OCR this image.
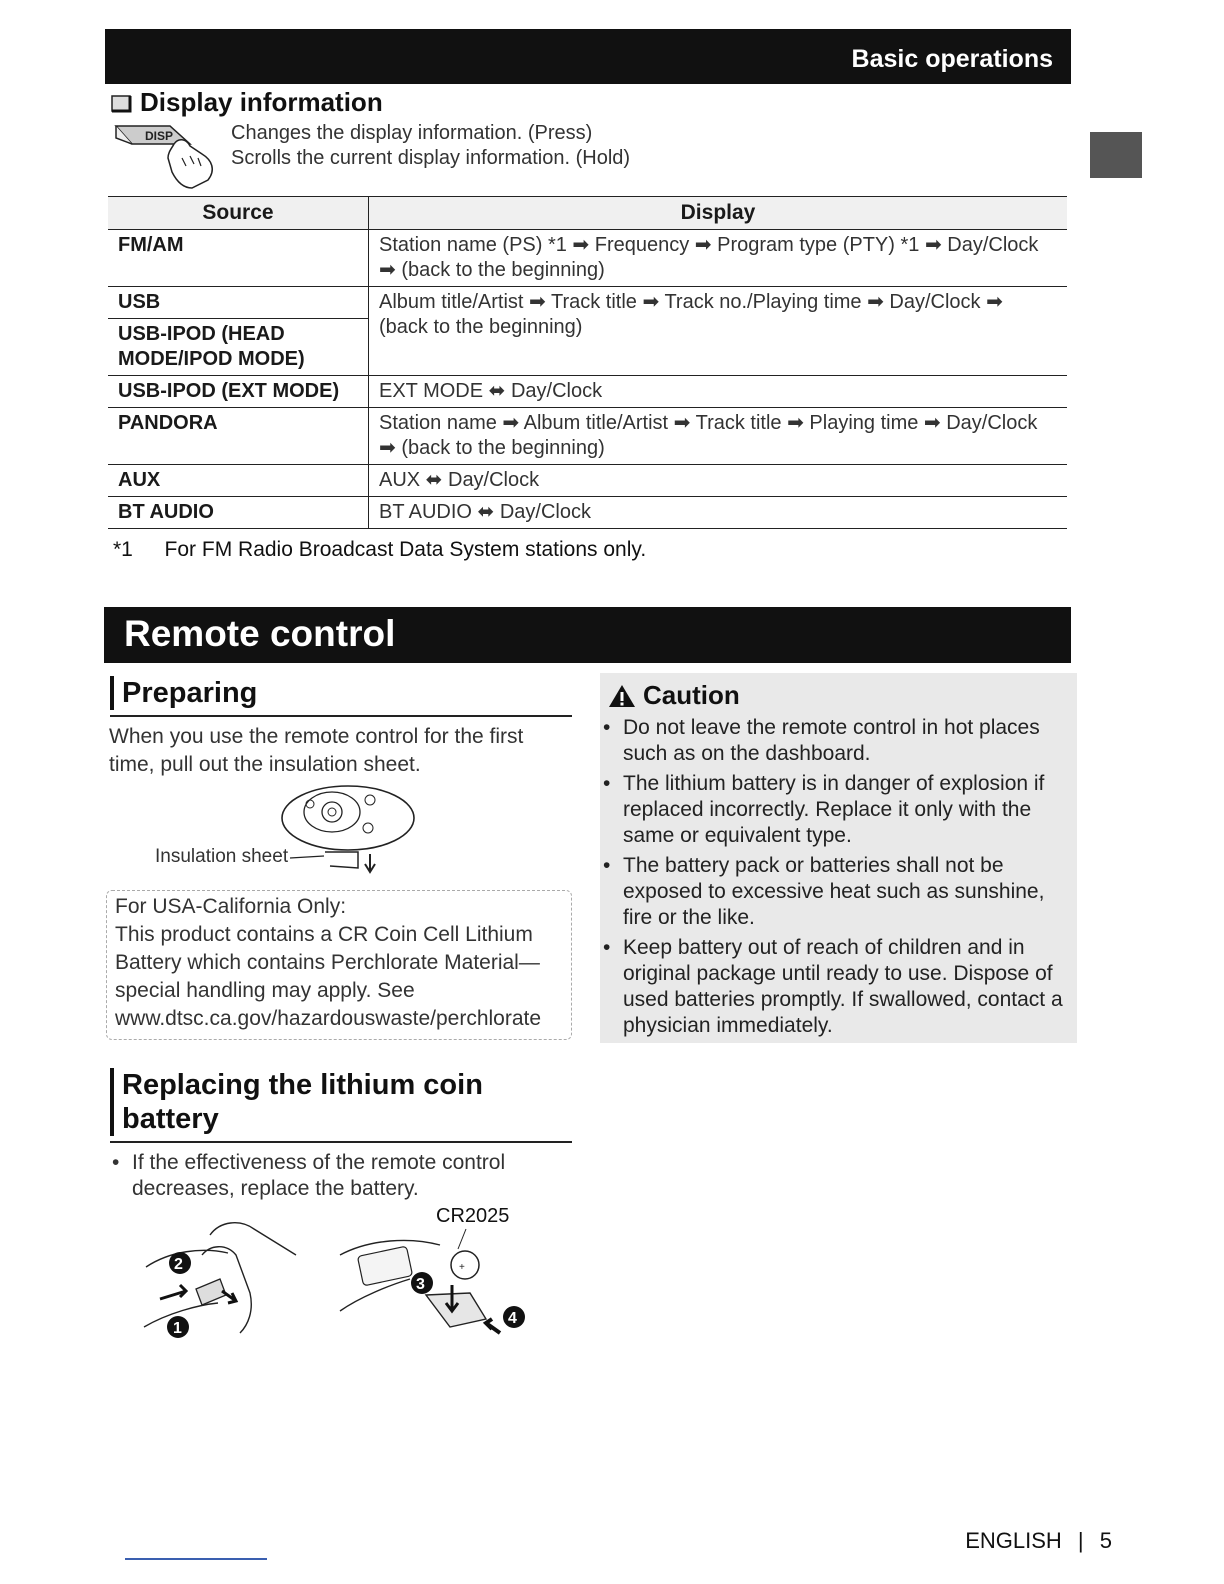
Basic operations
Display information
DISP	Changes the display information. (Press)
Scrolls the current display information. (Hold)
Source	Display
FM/AM	Station name (PS) *1 ➡ Frequency ➡ Program type (PTY) *1 ➡ Day/Clock ➡ (back to the beginning)
USB	Album title/Artist ➡ Track title ➡ Track no./Playing time ➡ Day/Clock ➡ (back to the beginning)
USB-IPOD (HEAD MODE/IPOD MODE)	
USB-IPOD (EXT MODE)	EXT MODE ⬌ Day/Clock
PANDORA	Station name ➡ Album title/Artist ➡ Track title ➡ Playing time ➡ Day/Clock ➡ (back to the beginning)
AUX	AUX ⬌ Day/Clock
BT AUDIO	BT AUDIO ⬌ Day/Clock
*1 For FM Radio Broadcast Data System stations only.
Remote control
Preparing
When you use the remote control for the first time, pull out the insulation sheet.
Insulation sheet
For USA-California Only:
This product contains a CR Coin Cell Lithium Battery which contains Perchlorate Material—special handling may apply. See www.dtsc.ca.gov/hazardouswaste/perchlorate
Caution
• Do not leave the remote control in hot places such as on the dashboard.
• The lithium battery is in danger of explosion if replaced incorrectly. Replace it only with the same or equivalent type.
• The battery pack or batteries shall not be exposed to excessive heat such as sunshine, fire or the like.
• Keep battery out of reach of children and in original package until ready to use. Dispose of used batteries promptly. If swallowed, contact a physician immediately.
Replacing the lithium coin battery
• If the effectiveness of the remote control decreases, replace the battery.
CR2025
+
2
1
3
4
ENGLISH | 5
